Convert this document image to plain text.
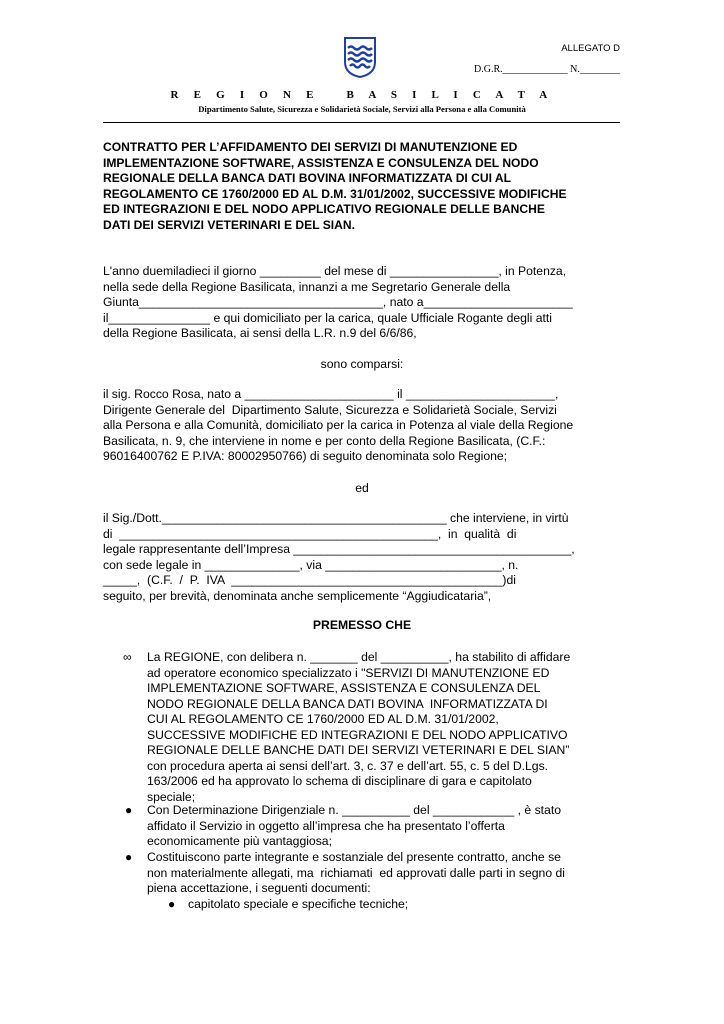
ALLEGATO D
D.G.R._____________ N.________
R E G I O N E   B A S I L I C A T A
Dipartimento Salute, Sicurezza e Solidarietà Sociale, Servizi alla Persona e alla Comunità
CONTRATTO PER L’AFFIDAMENTO DEI SERVIZI DI MANUTENZIONE ED
IMPLEMENTAZIONE SOFTWARE, ASSISTENZA E CONSULENZA DEL NODO
REGIONALE DELLA BANCA DATI BOVINA INFORMATIZZATA DI CUI AL
REGOLAMENTO CE 1760/2000 ED AL D.M. 31/01/2002, SUCCESSIVE MODIFICHE
ED INTEGRAZIONI E DEL NODO APPLICATIVO REGIONALE DELLE BANCHE
DATI DEI SERVIZI VETERINARI E DEL SIAN.
L'anno duemiladieci il giorno _________ del mese di ________________, in Potenza,
nella sede della Regione Basilicata, innanzi a me Segretario Generale della
Giunta____________________________________, nato a______________________
il_______________ e qui domiciliato per la carica, quale Ufficiale Rogante degli atti
della Regione Basilicata, ai sensi della L.R. n.9 del 6/6/86,
sono comparsi:
il sig. Rocco Rosa, nato a ______________________ il ______________________,
Dirigente Generale del  Dipartimento Salute, Sicurezza e Solidarietà Sociale, Servizi
alla Persona e alla Comunità, domiciliato per la carica in Potenza al viale della Regione
Basilicata, n. 9, che interviene in nome e per conto della Regione Basilicata, (C.F.:
96016400762 E P.IVA: 80002950766) di seguito denominata solo Regione;
ed
il Sig./Dott.__________________________________________ che interviene, in virtù
di  _______________________________________________,  in  qualità  di
legale rappresentante dell’Impresa _________________________________________,
con sede legale in ______________, via __________________________, n.
_____,  (C.F.  /  P.  IVA  ________________________________________)di
seguito, per brevità, denominata anche semplicemente “Aggiudicataria”,
PREMESSO CHE
∞ La REGIONE, con delibera n. _______ del __________, ha stabilito di affidare
ad operatore economico specializzato i "SERVIZI DI MANUTENZIONE ED
IMPLEMENTAZIONE SOFTWARE, ASSISTENZA E CONSULENZA DEL
NODO REGIONALE DELLA BANCA DATI BOVINA  INFORMATIZZATA DI
CUI AL REGOLAMENTO CE 1760/2000 ED AL D.M. 31/01/2002,
SUCCESSIVE MODIFICHE ED INTEGRAZIONI E DEL NODO APPLICATIVO
REGIONALE DELLE BANCHE DATI DEI SERVIZI VETERINARI E DEL SIAN”
con procedura aperta ai sensi dell’art. 3, c. 37 e dell’art. 55, c. 5 del D.Lgs.
163/2006 ed ha approvato lo schema di disciplinare di gara e capitolato
speciale;
● Con Determinazione Dirigenziale n. __________ del ____________ , è stato
affidato il Servizio in oggetto all’impresa che ha presentato l’offerta
economicamente più vantaggiosa;
● Costituiscono parte integrante e sostanziale del presente contratto, anche se
non materialmente allegati, ma  richiamati  ed approvati dalle parti in segno di
piena accettazione, i seguenti documenti:
● capitolato speciale e specifiche tecniche;
